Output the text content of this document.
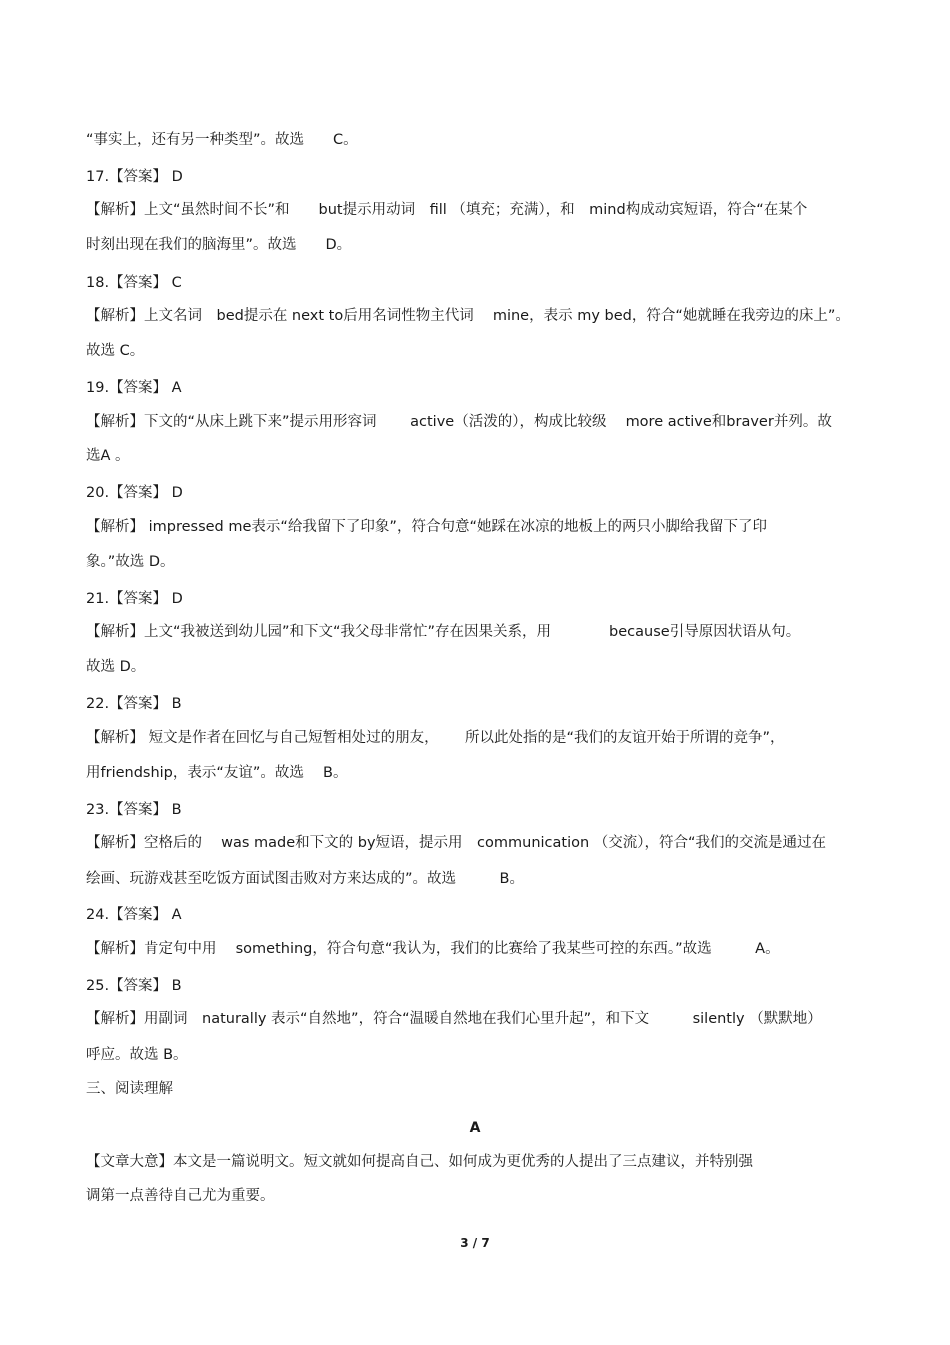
“事实上，还有另一种类型”。故选　　C。
17.【答案】 D
【解析】上文“虽然时间不长”和　　but提示用动词　fill （填充；充满），和　mind构成动宾短语，符合“在某个
时刻出现在我们的脑海里”。故选　　D。
18.【答案】 C
【解析】上文名词　bed提示在 next to后用名词性物主代词　 mine，表示 my bed，符合“她就睡在我旁边的床上”。
故选 C。
19.【答案】 A
【解析】下文的“从床上跳下来”提示用形容词　　 active（活泼的），构成比较级　 more active和braver并列。故
选A 。
20.【答案】 D
【解析】 impressed me表示“给我留下了印象”，符合句意“她踩在冰凉的地板上的两只小脚给我留下了印
象。”故选 D。
21.【答案】 D
【解析】上文“我被送到幼儿园”和下文“我父母非常忙”存在因果关系，用　　　　because引导原因状语从句。
故选 D。
22.【答案】 B
【解析】 短文是作者在回忆与自己短暂相处过的朋友，　　 所以此处指的是“我们的友谊开始于所谓的竞争”，
用friendship，表示“友谊”。故选　 B。
23.【答案】 B
【解析】空格后的　 was made和下文的 by短语，提示用　communication （交流），符合“我们的交流是通过在
绘画、玩游戏甚至吃饭方面试图击败对方来达成的”。故选　　　B。
24.【答案】 A
【解析】肯定句中用　 something，符合句意“我认为，我们的比赛给了我某些可控的东西。”故选　　　A。
25.【答案】 B
【解析】用副词　naturally 表示“自然地”，符合“温暖自然地在我们心里升起”，和下文　　　silently （默默地）
呼应。故选 B。
三、阅读理解
A
【文章大意】本文是一篇说明文。短文就如何提高自己、如何成为更优秀的人提出了三点建议，并特别强
调第一点善待自己尤为重要。
3 / 7
